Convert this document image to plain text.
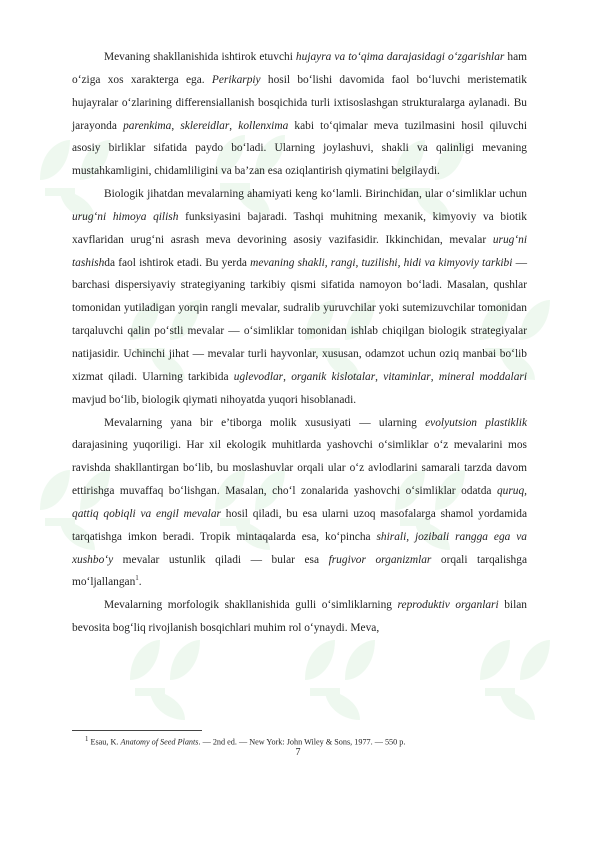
Mevaning shakllanishida ishtirok etuvchi hujayra va to‘qima darajasidagi o‘zgarishlar ham o‘ziga xos xarakterga ega. Perikarpiy hosil bo‘lishi davomida faol bo‘luvchi meristematik hujayralar o‘zlarining differensiallanish bosqichida turli ixtisoslashgan strukturalarga aylanadi. Bu jarayonda parenkima, sklereidlar, kollenxima kabi to‘qimalar meva tuzilmasini hosil qiluvchi asosiy birliklar sifatida paydo bo‘ladi. Ularning joylashuvi, shakli va qalinligi mevaning mustahkamligini, chidamliligini va ba’zan esa oziqlantirish qiymatini belgilaydi.

Biologik jihatdan mevalarning ahamiyati keng ko‘lamli. Birinchidan, ular o‘simliklar uchun urug‘ni himoya qilish funksiyasini bajaradi. Tashqi muhitning mexanik, kimyoviy va biotik xavflaridan urug‘ni asrash meva devorining asosiy vazifasidir. Ikkinchidan, mevalar urug‘ni tashishda faol ishtirok etadi. Bu yerda mevaning shakli, rangi, tuzilishi, hidi va kimyoviy tarkibi — barchasi dispersiyaviy strategiyaning tarkibiy qismi sifatida namoyon bo‘ladi. Masalan, qushlar tomonidan yutiladigan yorqin rangli mevalar, sudralib yuruvchilar yoki sutemizuvchilar tomonidan tarqaluvchi qalin po‘stli mevalar — o‘simliklar tomonidan ishlab chiqilgan biologik strategiyalar natijasidir. Uchinchi jihat — mevalar turli hayvonlar, xususan, odamzot uchun oziq manbai bo‘lib xizmat qiladi. Ularning tarkibida uglevodlar, organik kislotalar, vitaminlar, mineral moddalari mavjud bo‘lib, biologik qiymati nihoyatda yuqori hisoblanadi.

Mevalarning yana bir e’tiborga molik xususiyati — ularning evolyutsion plastiklik darajasining yuqoriligi. Har xil ekologik muhitlarda yashovchi o‘simliklar o‘z mevalarini mos ravishda shakllantirgan bo‘lib, bu moslashuvlar orqali ular o‘z avlodlarini samarali tarzda davom ettirishga muvaffaq bo‘lishgan. Masalan, cho‘l zonalarida yashovchi o‘simliklar odatda quruq, qattiq qobiqli va engil mevalar hosil qiladi, bu esa ularni uzoq masofalarga shamol yordamida tarqatishga imkon beradi. Tropik mintaqalarda esa, ko‘pincha shirali, jozibali rangga ega va xushbo‘y mevalar ustunlik qiladi — bular esa frugivor organizmlar orqali tarqalishga mo‘ljallangan$^1$.

Mevalarning morfologik shakllanishida gulli o‘simliklarning reproduktiv organlari bilan bevosita bog‘liq rivojlanish bosqichlari muhim rol o‘ynaydi. Meva,

$^1$ Esau, K. Anatomy of Seed Plants. — 2nd ed. — New York: John Wiley & Sons, 1977. — 550 p.
7
